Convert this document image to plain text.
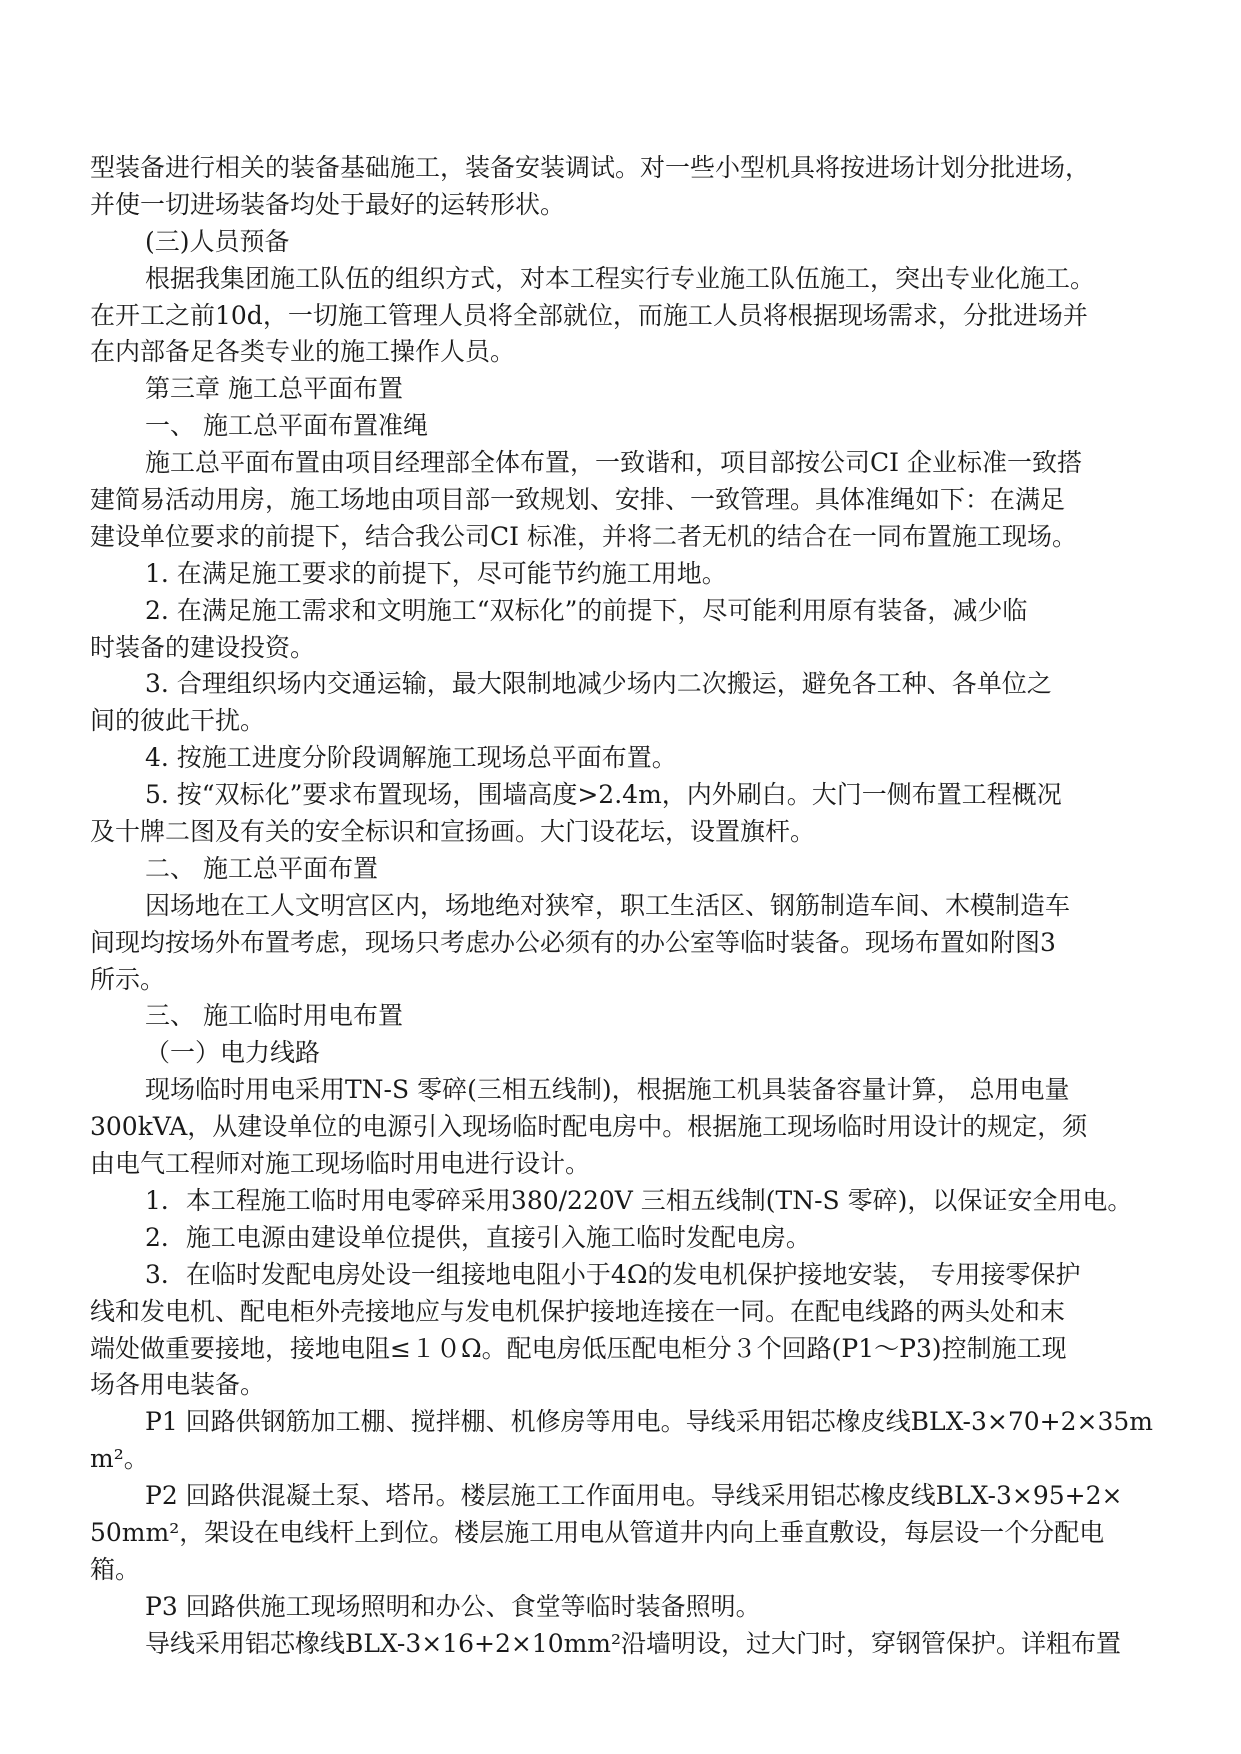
型装备进行相关的装备基础施工，装备安装调试。对一些小型机具将按进场计划分批进场，
并使一切进场装备均处于最好的运转形状。
(三)人员预备
根据我集团施工队伍的组织方式，对本工程实行专业施工队伍施工，突出专业化施工。
在开工之前10d，一切施工管理人员将全部就位，而施工人员将根据现场需求，分批进场并
在内部备足各类专业的施工操作人员。
第三章 施工总平面布置
一、 施工总平面布置准绳
施工总平面布置由项目经理部全体布置，一致谐和，项目部按公司CI 企业标准一致搭
建简易活动用房，施工场地由项目部一致规划、安排、一致管理。具体准绳如下：在满足
建设单位要求的前提下，结合我公司CI 标准，并将二者无机的结合在一同布置施工现场。
1. 在满足施工要求的前提下，尽可能节约施工用地。
2. 在满足施工需求和文明施工“双标化”的前提下，尽可能利用原有装备，减少临
时装备的建设投资。
3. 合理组织场内交通运输，最大限制地减少场内二次搬运，避免各工种、各单位之
间的彼此干扰。
4. 按施工进度分阶段调解施工现场总平面布置。
5. 按“双标化”要求布置现场，围墙高度>2.4m，内外刷白。大门一侧布置工程概况
及十牌二图及有关的安全标识和宣扬画。大门设花坛，设置旗杆。
二、 施工总平面布置
因场地在工人文明宫区内，场地绝对狭窄，职工生活区、钢筋制造车间、木模制造车
间现均按场外布置考虑，现场只考虑办公必须有的办公室等临时装备。现场布置如附图3
所示。
三、 施工临时用电布置
（一）电力线路
现场临时用电采用TN-S 零碎(三相五线制)，根据施工机具装备容量计算， 总用电量
300kVA，从建设单位的电源引入现场临时配电房中。根据施工现场临时用设计的规定，须
由电气工程师对施工现场临时用电进行设计。
1．本工程施工临时用电零碎采用380/220V 三相五线制(TN-S 零碎)，以保证安全用电。
2．施工电源由建设单位提供，直接引入施工临时发配电房。
3．在临时发配电房处设一组接地电阻小于4Ω的发电机保护接地安装， 专用接零保护
线和发电机、配电柜外壳接地应与发电机保护接地连接在一同。在配电线路的两头处和末
端处做重要接地，接地电阻≤１０Ω。配电房低压配电柜分３个回路(P1～P3)控制施工现
场各用电装备。
P1 回路供钢筋加工棚、搅拌棚、机修房等用电。导线采用铝芯橡皮线BLX-3×70+2×35m
m²。
P2 回路供混凝土泵、塔吊。楼层施工工作面用电。导线采用铝芯橡皮线BLX-3×95+2×
50mm²，架设在电线杆上到位。楼层施工用电从管道井内向上垂直敷设，每层设一个分配电
箱。
P3 回路供施工现场照明和办公、食堂等临时装备照明。
导线采用铝芯橡线BLX-3×16+2×10mm²沿墙明设，过大门时，穿钢管保护。详粗布置
